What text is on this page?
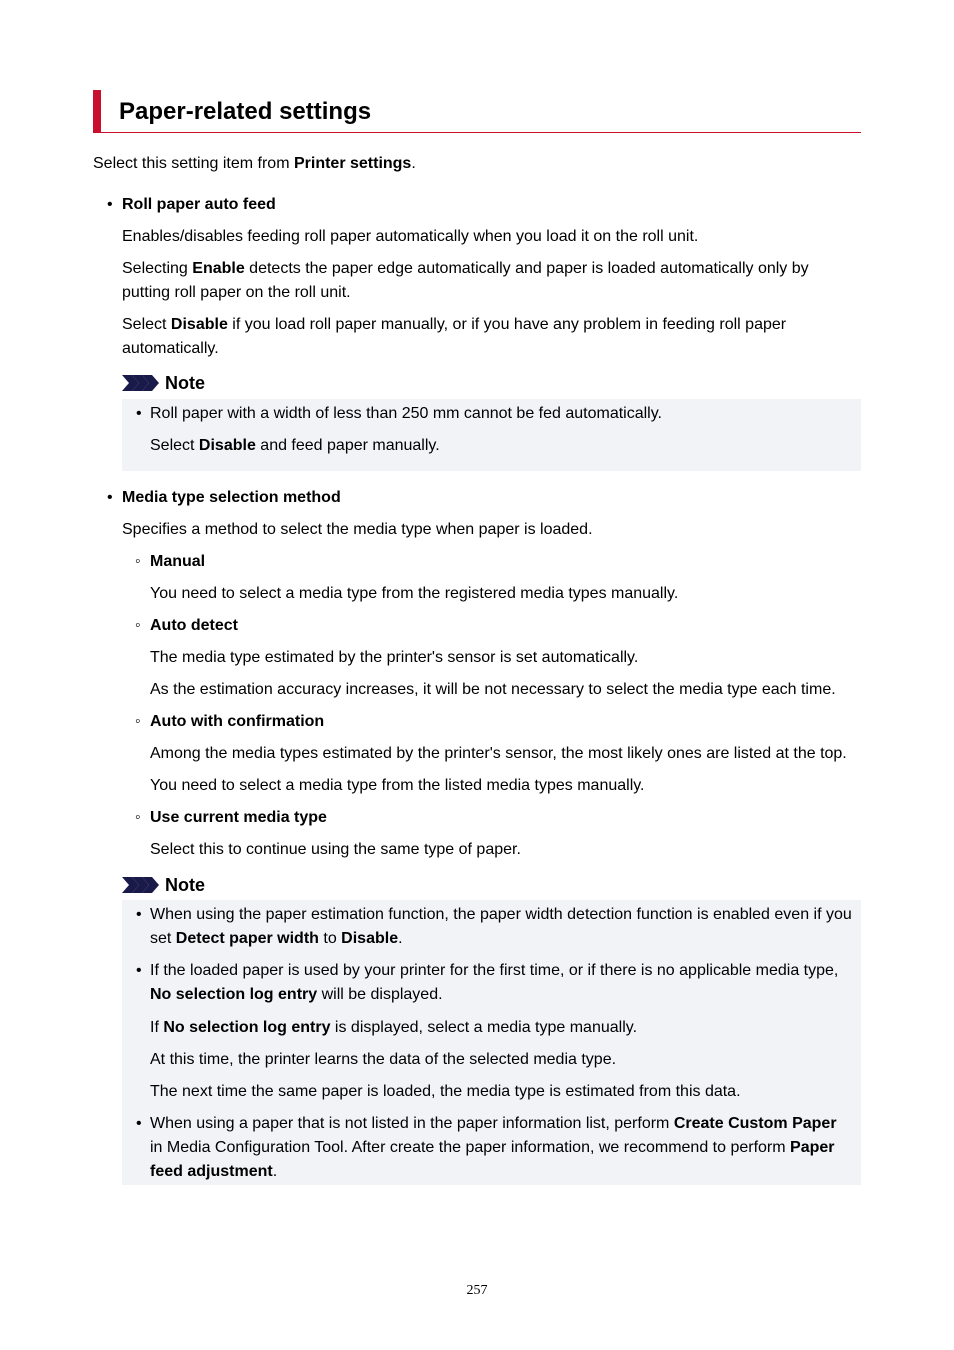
Paper-related settings
Select this setting item from Printer settings.
• Roll paper auto feed
Enables/disables feeding roll paper automatically when you load it on the roll unit.
Selecting Enable detects the paper edge automatically and paper is loaded automatically only by
putting roll paper on the roll unit.
Select Disable if you load roll paper manually, or if you have any problem in feeding roll paper
automatically.
Note
• Roll paper with a width of less than 250 mm cannot be fed automatically.
Select Disable and feed paper manually.
• Media type selection method
Specifies a method to select the media type when paper is loaded.
◦ Manual
You need to select a media type from the registered media types manually.
◦ Auto detect
The media type estimated by the printer's sensor is set automatically.
As the estimation accuracy increases, it will be not necessary to select the media type each time.
◦ Auto with confirmation
Among the media types estimated by the printer's sensor, the most likely ones are listed at the top.
You need to select a media type from the listed media types manually.
◦ Use current media type
Select this to continue using the same type of paper.
Note
• When using the paper estimation function, the paper width detection function is enabled even if you
set Detect paper width to Disable.
• If the loaded paper is used by your printer for the first time, or if there is no applicable media type,
No selection log entry will be displayed.
If No selection log entry is displayed, select a media type manually.
At this time, the printer learns the data of the selected media type.
The next time the same paper is loaded, the media type is estimated from this data.
• When using a paper that is not listed in the paper information list, perform Create Custom Paper
in Media Configuration Tool. After create the paper information, we recommend to perform Paper
feed adjustment.
257
